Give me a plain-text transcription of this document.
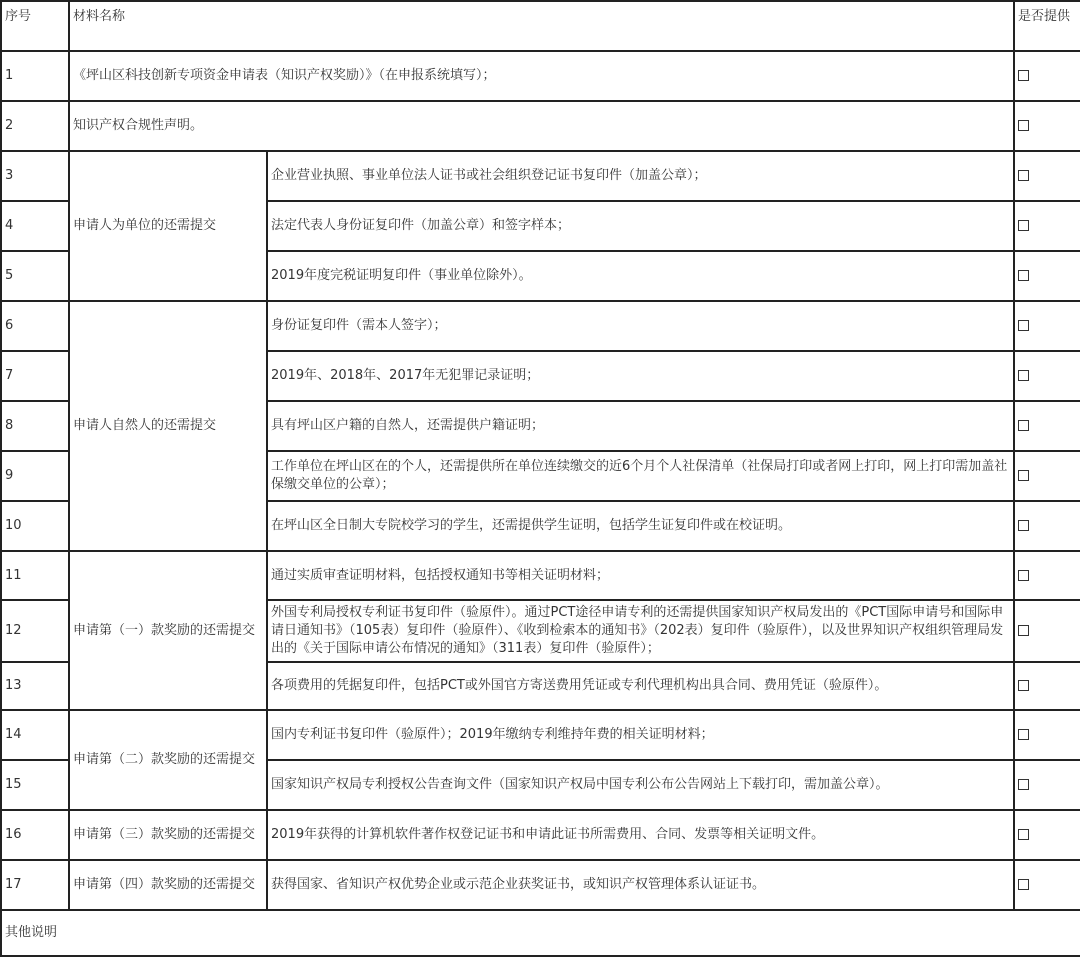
序号	材料名称		是否提供
1	《坪山区科技创新专项资金申请表（知识产权奖励）》（在申报系统填写）；		
2	知识产权合规性声明。		
3	申请人为单位的还需提交	企业营业执照、事业单位法人证书或社会组织登记证书复印件（加盖公章）；	
4		法定代表人身份证复印件（加盖公章）和签字样本；	
5		2019年度完税证明复印件（事业单位除外）。	
6	申请人自然人的还需提交	身份证复印件（需本人签字）；	
7		2019年、2018年、2017年无犯罪记录证明；	
8		具有坪山区户籍的自然人，还需提供户籍证明；	
9		工作单位在坪山区在的个人，还需提供所在单位连续缴交的近6个月个人社保清单（社保局打印或者网上打印，网上打印需加盖社保缴交单位的公章）；	
10		在坪山区全日制大专院校学习的学生，还需提供学生证明，包括学生证复印件或在校证明。	
11	申请第（一）款奖励的还需提交	通过实质审查证明材料，包括授权通知书等相关证明材料；	
12		外国专利局授权专利证书复印件（验原件）。通过PCT途径申请专利的还需提供国家知识产权局发出的《PCT国际申请号和国际申请日通知书》（105表）复印件（验原件）、《收到检索本的通知书》（202表）复印件（验原件），以及世界知识产权组织管理局发出的《关于国际申请公布情况的通知》（311表）复印件（验原件）；	
13		各项费用的凭据复印件，包括PCT或外国官方寄送费用凭证或专利代理机构出具合同、费用凭证（验原件）。	
14	申请第（二）款奖励的还需提交	国内专利证书复印件（验原件）；2019年缴纳专利维持年费的相关证明材料；	
15		国家知识产权局专利授权公告查询文件（国家知识产权局中国专利公布公告网站上下载打印，需加盖公章）。	
16	申请第（三）款奖励的还需提交	2019年获得的计算机软件著作权登记证书和申请此证书所需费用、合同、发票等相关证明文件。	
17	申请第（四）款奖励的还需提交	获得国家、省知识产权优势企业或示范企业获奖证书，或知识产权管理体系认证证书。	
其他说明			
